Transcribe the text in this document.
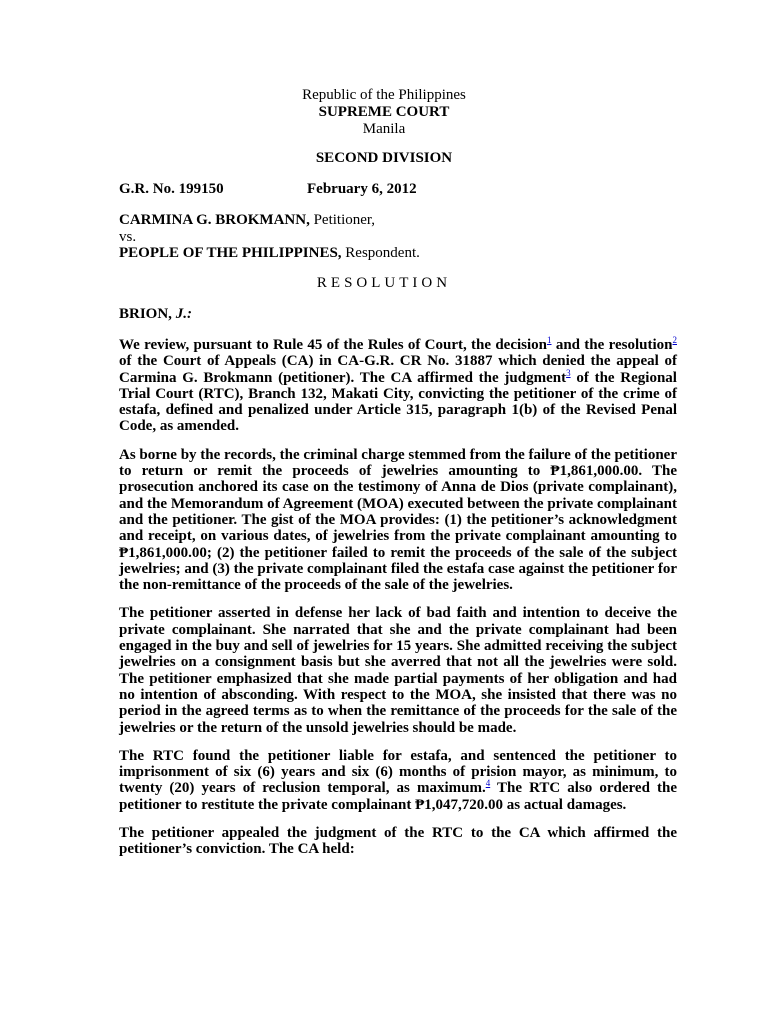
Republic of the Philippines
SUPREME COURT
Manila
SECOND DIVISION
G.R. No. 199150	February 6, 2012
CARMINA G. BROKMANN, Petitioner,
vs.
PEOPLE OF THE PHILIPPINES, Respondent.
RESOLUTION
BRION, J.:

We review, pursuant to Rule 45 of the Rules of Court, the decision$^1$ and the resolution$^2$ of the Court of Appeals (CA) in CA-G.R. CR No. 31887 which denied the appeal of Carmina G. Brokmann (petitioner). The CA affirmed the judgment$^3$ of the Regional Trial Court (RTC), Branch 132, Makati City, convicting the petitioner of the crime of estafa, defined and penalized under Article 315, paragraph 1(b) of the Revised Penal Code, as amended.

As borne by the records, the criminal charge stemmed from the failure of the petitioner to return or remit the proceeds of jewelries amounting to ₱1,861,000.00. The prosecution anchored its case on the testimony of Anna de Dios (private complainant), and the Memorandum of Agreement (MOA) executed between the private complainant and the petitioner. The gist of the MOA provides: (1) the petitioner’s acknowledgment and receipt, on various dates, of jewelries from the private complainant amounting to ₱1,861,000.00; (2) the petitioner failed to remit the proceeds of the sale of the subject jewelries; and (3) the private complainant filed the estafa case against the petitioner for the non-remittance of the proceeds of the sale of the jewelries.

The petitioner asserted in defense her lack of bad faith and intention to deceive the private complainant. She narrated that she and the private complainant had been engaged in the buy and sell of jewelries for 15 years. She admitted receiving the subject jewelries on a consignment basis but she averred that not all the jewelries were sold. The petitioner emphasized that she made partial payments of her obligation and had no intention of absconding. With respect to the MOA, she insisted that there was no period in the agreed terms as to when the remittance of the proceeds for the sale of the jewelries or the return of the unsold jewelries should be made.

The RTC found the petitioner liable for estafa, and sentenced the petitioner to imprisonment of six (6) years and six (6) months of prision mayor, as minimum, to twenty (20) years of reclusion temporal, as maximum.$^4$ The RTC also ordered the petitioner to restitute the private complainant ₱1,047,720.00 as actual damages.

The petitioner appealed the judgment of the RTC to the CA which affirmed the petitioner’s conviction. The CA held:
